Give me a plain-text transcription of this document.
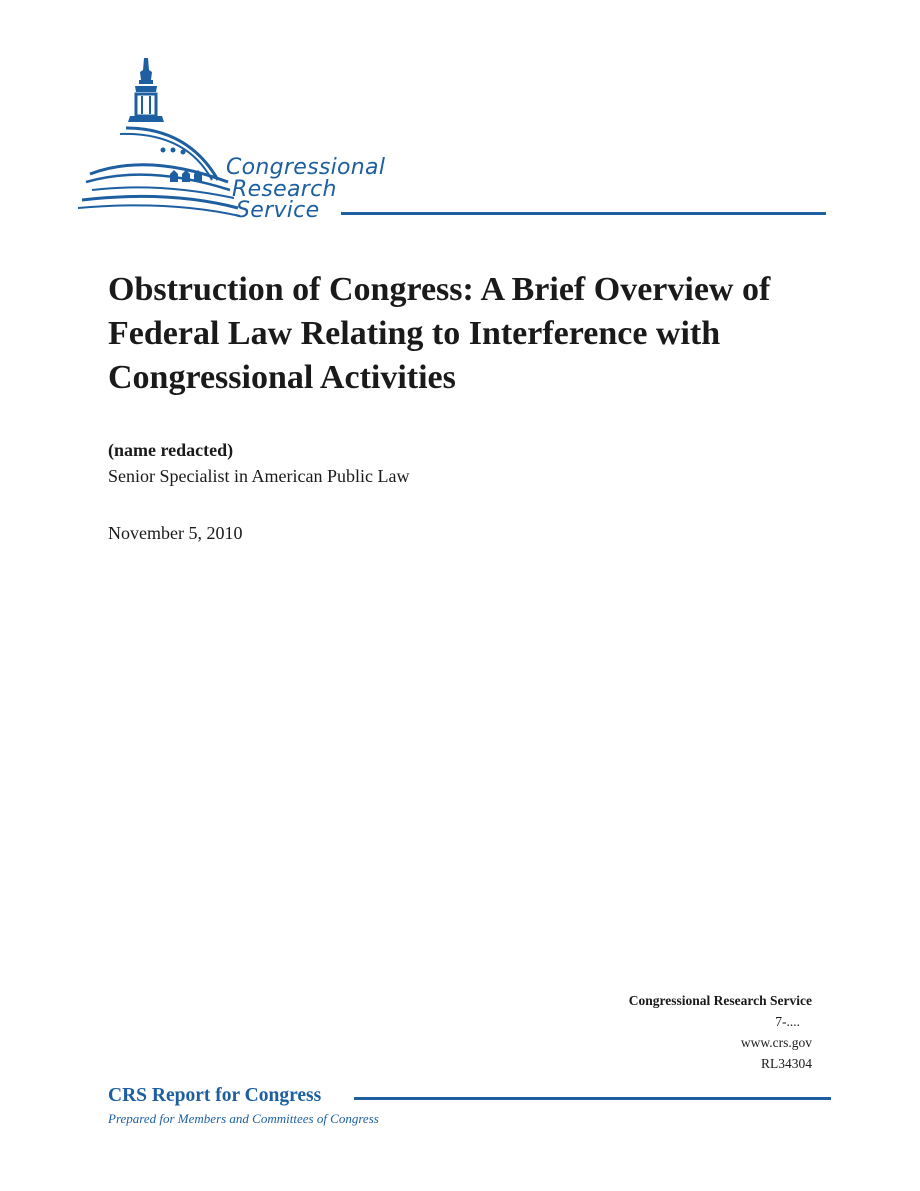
Congressional
Research
Service
Obstruction of Congress: A Brief Overview of Federal Law Relating to Interference with Congressional Activities

(name redacted)

Senior Specialist in American Public Law

November 5, 2010

Congressional Research Service
7-....
www.crs.gov
RL34304

CRS Report for Congress

Prepared for Members and Committees of Congress
